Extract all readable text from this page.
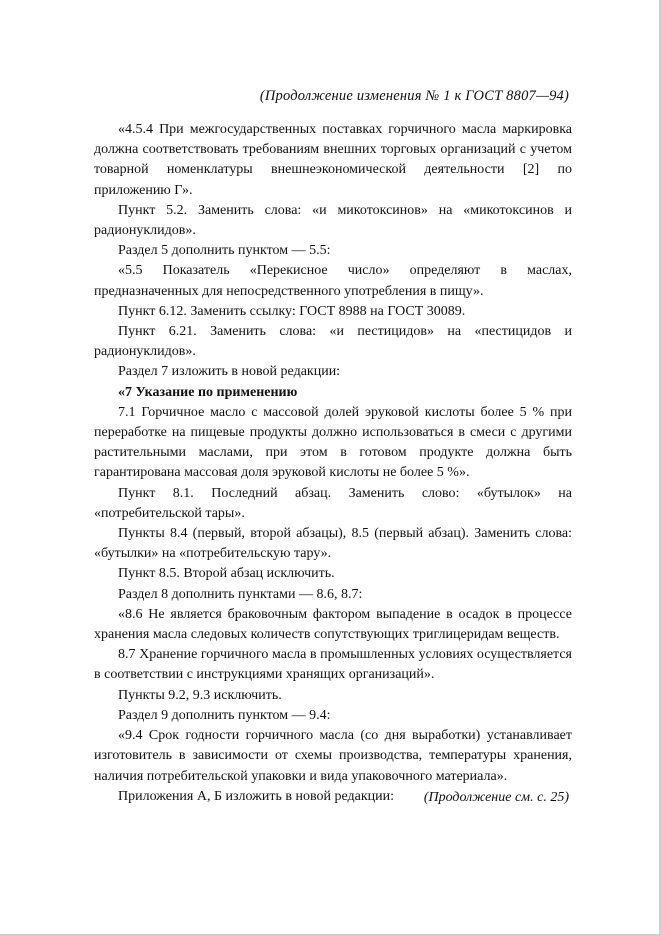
(Продолжение изменения № 1 к ГОСТ 8807—94)

«4.5.4 При межгосударственных поставках горчичного масла маркировка должна соответствовать требованиям внешних торговых организаций с учетом товарной номенклатуры внешнеэкономической деятельности [2] по приложению Г».

Пункт 5.2. Заменить слова: «и микотоксинов» на «микотоксинов и радионуклидов».

Раздел 5 дополнить пунктом — 5.5:

«5.5 Показатель «Перекисное число» определяют в маслах, предназначенных для непосредственного употребления в пищу».

Пункт 6.12. Заменить ссылку: ГОСТ 8988 на ГОСТ 30089.

Пункт 6.21. Заменить слова: «и пестицидов» на «пестицидов и радионуклидов».

Раздел 7 изложить в новой редакции:

«7 Указание по применению

7.1 Горчичное масло с массовой долей эруковой кислоты более 5 % при переработке на пищевые продукты должно использоваться в смеси с другими растительными маслами, при этом в готовом продукте должна быть гарантирована массовая доля эруковой кислоты не более 5 %».

Пункт 8.1. Последний абзац. Заменить слово: «бутылок» на «потребительской тары».

Пункты 8.4 (первый, второй абзацы), 8.5 (первый абзац). Заменить слова: «бутылки» на «потребительскую тару».

Пункт 8.5. Второй абзац исключить.

Раздел 8 дополнить пунктами — 8.6, 8.7:

«8.6 Не является браковочным фактором выпадение в осадок в процессе хранения масла следовых количеств сопутствующих триглицеридам веществ.

8.7 Хранение горчичного масла в промышленных условиях осуществляется в соответствии с инструкциями хранящих организаций».

Пункты 9.2, 9.3 исключить.

Раздел 9 дополнить пунктом — 9.4:

«9.4 Срок годности горчичного масла (со дня выработки) устанавливает изготовитель в зависимости от схемы производства, температуры хранения, наличия потребительской упаковки и вида упаковочного материала».

Приложения А, Б изложить в новой редакции:	(Продолжение см. с. 25)
